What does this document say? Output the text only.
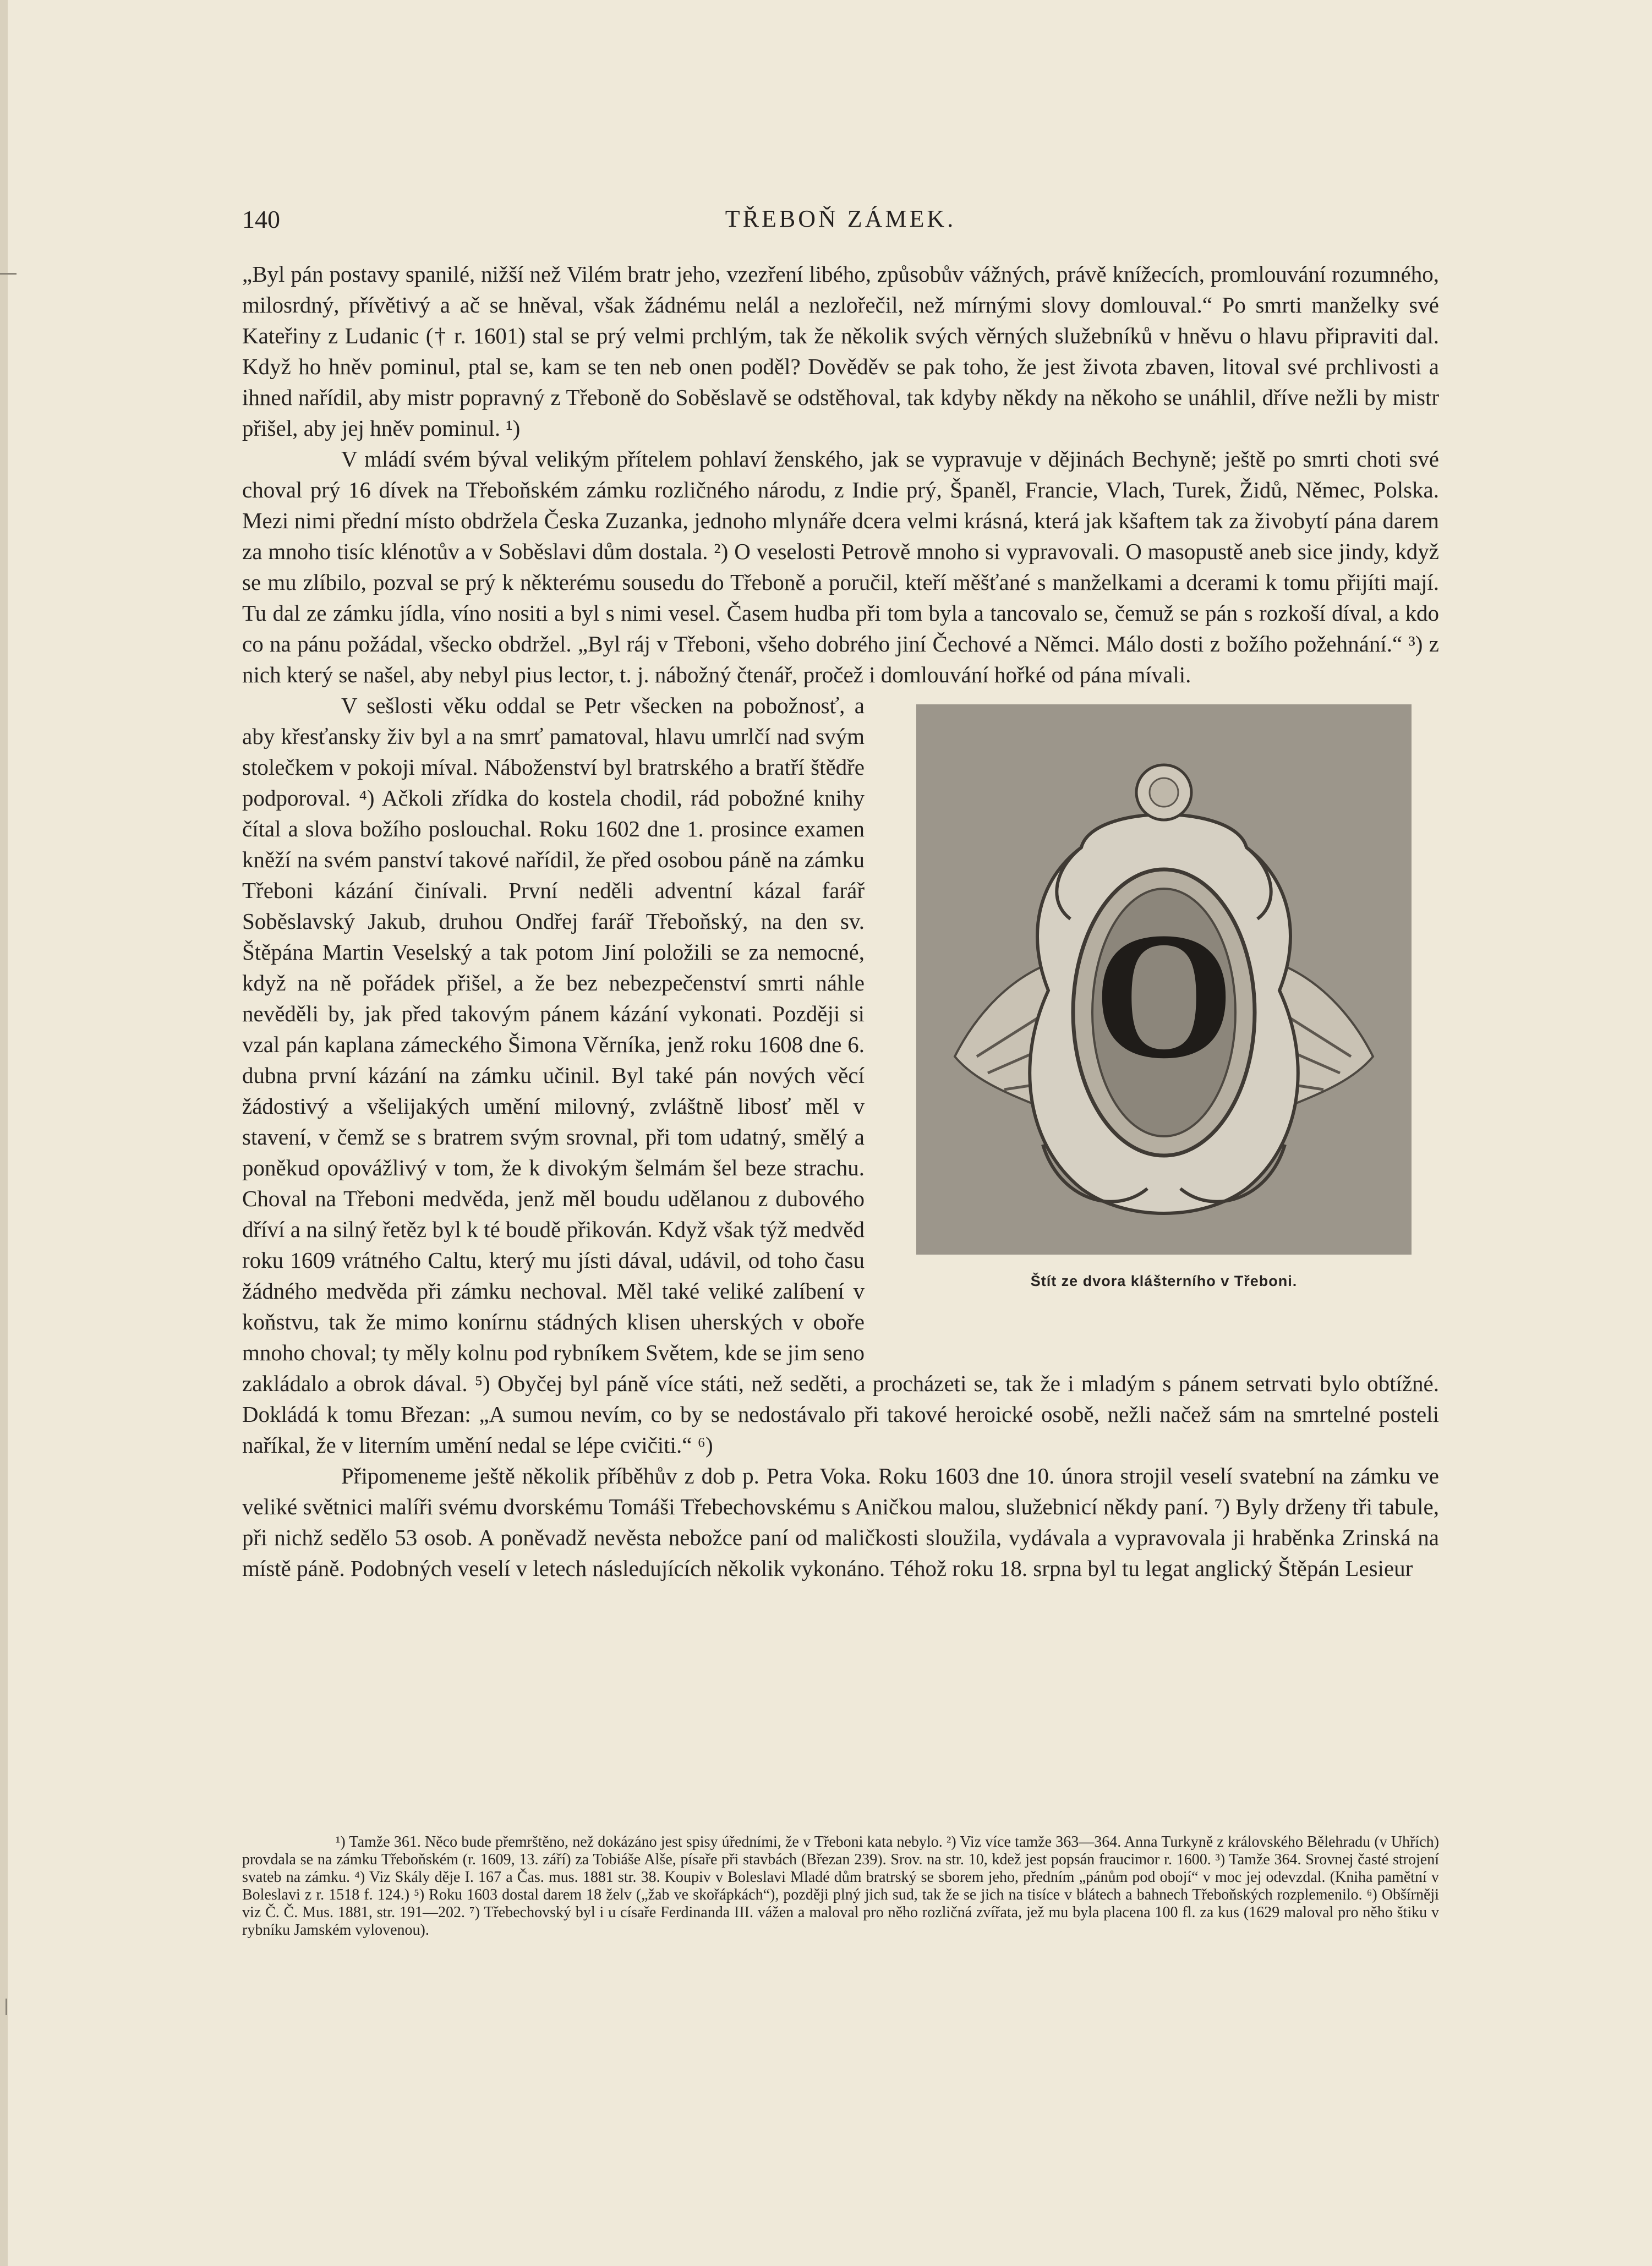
140	TŘEBOŇ ZÁMEK.

„Byl pán postavy spanilé, nižší než Vilém bratr jeho, vzezření libého, způsobův vážných, právě knížecích, promlouvání rozumného, milosrdný, přívětivý a ač se hněval, však žádnému nelál a nezlořečil, než mírnými slovy domlouval.“ Po smrti manželky své Kateřiny z Ludanic († r. 1601) stal se prý velmi prchlým, tak že několik svých věrných služebníků v hněvu o hlavu připraviti dal. Když ho hněv pominul, ptal se, kam se ten neb onen poděl? Dověděv se pak toho, že jest života zbaven, litoval své prchlivosti a ihned nařídil, aby mistr popravný z Třeboně do Soběslavě se odstěhoval, tak kdyby někdy na někoho se unáhlil, dříve nežli by mistr přišel, aby jej hněv pominul. ¹)

V mládí svém býval velikým přítelem pohlaví ženského, jak se vypravuje v dějinách Bechyně; ještě po smrti choti své choval prý 16 dívek na Třeboňském zámku rozličného národu, z Indie prý, Španěl, Francie, Vlach, Turek, Židů, Němec, Polska. Mezi nimi přední místo obdržela Česka Zuzanka, jednoho mlynáře dcera velmi krásná, která jak kšaftem tak za živobytí pána darem za mnoho tisíc klénotův a v Soběslavi dům dostala. ²) O veselosti Petrově mnoho si vypravovali. O masopustě aneb sice jindy, když se mu zlíbilo, pozval se prý k některému sousedu do Třeboně a poručil, kteří měšťané s manželkami a dcerami k tomu přijíti mají. Tu dal ze zámku jídla, víno nositi a byl s nimi vesel. Časem hudba při tom byla a tancovalo se, čemuž se pán s rozkoší díval, a kdo co na pánu požádal, všecko obdržel. „Byl ráj v Třeboni, všeho dobrého jiní Čechové a Němci. Málo dosti z božího požehnání.“ ³) z nich který se našel, aby nebyl pius lector, t. j. nábožný čtenář, pročež i domlouvání hořké od pána mívali.

O
Štít ze dvora klášterního v Třeboni.

V sešlosti věku oddal se Petr všecken na pobožnosť, a aby křesťansky živ byl a na smrť pamatoval, hlavu umrlčí nad svým stolečkem v pokoji míval. Náboženství byl bratrského a bratří štědře podporoval. ⁴) Ačkoli zřídka do kostela chodil, rád pobožné knihy čítal a slova božího poslouchal. Roku 1602 dne 1. prosince examen kněží na svém panství takové nařídil, že před osobou páně na zámku Třeboni kázání činívali. První neděli adventní kázal farář Soběslavský Jakub, druhou Ondřej farář Třeboňský, na den sv. Štěpána Martin Veselský a tak potom Jiní položili se za nemocné, když na ně pořádek přišel, a že bez nebezpečenství smrti náhle nevěděli by, jak před takovým pánem kázání vykonati. Později si vzal pán kaplana zámeckého Šimona Věrníka, jenž roku 1608 dne 6. dubna první kázání na zámku učinil. Byl také pán nových věcí žádostivý a všelijakých umění milovný, zvláštně libosť měl v stavení, v čemž se s bratrem svým srovnal, při tom udatný, smělý a poněkud opovážlivý v tom, že k divokým šelmám šel beze strachu. Choval na Třeboni medvěda, jenž měl boudu udělanou z dubového dříví a na silný řetěz byl k té boudě přikován. Když však týž medvěd roku 1609 vrátného Caltu, který mu jísti dával, udávil, od toho času žádného medvěda při zámku nechoval. Měl také veliké zalíbení v koňstvu, tak že mimo konírnu stádných klisen uherských v oboře mnoho choval; ty měly kolnu pod rybníkem Světem, kde se jim seno zakládalo a obrok dával. ⁵) Obyčej byl páně více státi, než seděti, a procházeti se, tak že i mladým s pánem setrvati bylo obtížné. Dokládá k tomu Březan: „A sumou nevím, co by se nedostávalo při takové heroické osobě, nežli načež sám na smrtelné posteli naříkal, že v literním umění nedal se lépe cvičiti.“ ⁶)

Připomeneme ještě několik příběhův z dob p. Petra Voka. Roku 1603 dne 10. února strojil veselí svatební na zámku ve veliké světnici malíři svému dvorskému Tomáši Třebechovskému s Aničkou malou, služebnicí někdy paní. ⁷) Byly drženy tři tabule, při nichž sedělo 53 osob. A poněvadž nevěsta nebožce paní od maličkosti sloužila, vydávala a vypravovala ji hraběnka Zrinská na místě páně. Podobných veselí v letech následujících několik vykonáno. Téhož roku 18. srpna byl tu legat anglický Štěpán Lesieur

¹) Tamže 361. Něco bude přemrštěno, než dokázáno jest spisy úředními, že v Třeboni kata nebylo. ²) Viz více tamže 363—364. Anna Turkyně z královského Bělehradu (v Uhřích) provdala se na zámku Třeboňském (r. 1609, 13. září) za Tobiáše Alše, písaře při stavbách (Březan 239). Srov. na str. 10, kdež jest popsán fraucimor r. 1600. ³) Tamže 364. Srovnej časté strojení svateb na zámku. ⁴) Viz Skály děje I. 167 a Čas. mus. 1881 str. 38. Koupiv v Boleslavi Mladé dům bratrský se sborem jeho, předním „pánům pod obojí“ v moc jej odevzdal. (Kniha pamětní v Boleslavi z r. 1518 f. 124.) ⁵) Roku 1603 dostal darem 18 želv („žab ve skořápkách“), později plný jich sud, tak že se jich na tisíce v blátech a bahnech Třeboňských rozplemenilo. ⁶) Obšírněji viz Č. Č. Mus. 1881, str. 191—202. ⁷) Třebechovský byl i u císaře Ferdinanda III. vážen a maloval pro něho rozličná zvířata, jež mu byla placena 100 fl. za kus (1629 maloval pro něho štiku v rybníku Jamském vylovenou).
